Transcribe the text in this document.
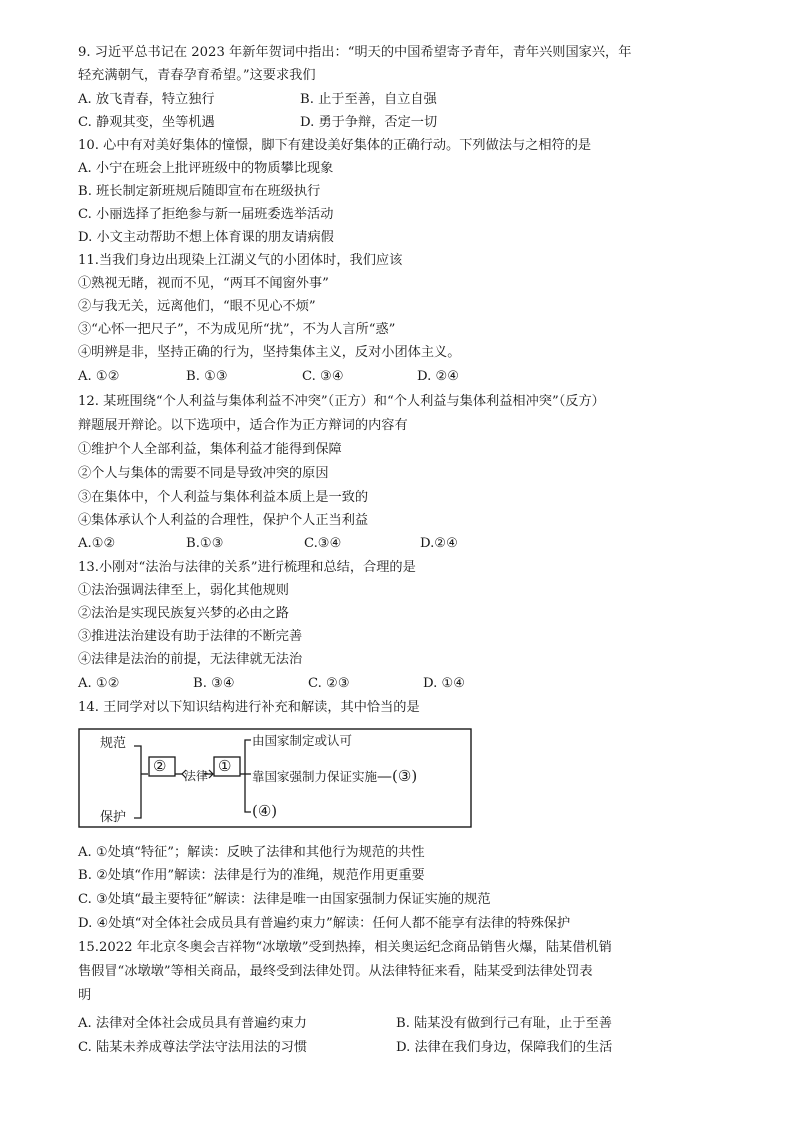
9. 习近平总书记在 2023 年新年贺词中指出：“明天的中国希望寄予青年，青年兴则国家兴，年
轻充满朝气，青春孕育希望。”这要求我们
A. 放飞青春，特立独行	B. 止于至善，自立自强
C. 静观其变，坐等机遇	D. 勇于争辩，否定一切
10. 心中有对美好集体的憧憬，脚下有建设美好集体的正确行动。下列做法与之相符的是
A. 小宁在班会上批评班级中的物质攀比现象
B. 班长制定新班规后随即宣布在班级执行
C. 小丽选择了拒绝参与新一届班委选举活动
D. 小文主动帮助不想上体育课的朋友请病假
11.当我们身边出现染上江湖义气的小团体时，我们应该
①熟视无睹，视而不见，“两耳不闻窗外事”
②与我无关，远离他们，“眼不见心不烦”
③“心怀一把尺子”，不为成见所“扰”，不为人言所“惑”
④明辨是非，坚持正确的行为，坚持集体主义，反对小团体主义。
A. ①②	B. ①③	C. ③④	D. ②④
12. 某班围绕“个人利益与集体利益不冲突”（正方）和“个人利益与集体利益相冲突”（反方）
辩题展开辩论。以下选项中，适合作为正方辩词的内容有
①维护个人全部利益，集体利益才能得到保障
②个人与集体的需要不同是导致冲突的原因
③在集体中，个人利益与集体利益本质上是一致的
④集体承认个人利益的合理性，保护个人正当利益
A.①②	B.①③	C.③④	D.②④
13.小刚对“法治与法律的关系”进行梳理和总结，合理的是
①法治强调法律至上，弱化其他规则
②法治是实现民族复兴梦的必由之路
③推进法治建设有助于法律的不断完善
④法律是法治的前提，无法律就无法治
A. ①②	B. ③④	C. ②③	D. ①④
14. 王同学对以下知识结构进行补充和解读，其中恰当的是
规范
保护
②
法律
①
由国家制定或认可
靠国家强制力保证实施—(③)
(④)
A. ①处填“特征”；解读：反映了法律和其他行为规范的共性
B. ②处填“作用”解读：法律是行为的准绳，规范作用更重要
C. ③处填“最主要特征”解读：法律是唯一由国家强制力保证实施的规范
D. ④处填“对全体社会成员具有普遍约束力”解读：任何人都不能享有法律的特殊保护
15.2022 年北京冬奥会吉祥物“冰墩墩”受到热捧，相关奥运纪念商品销售火爆，陆某借机销
售假冒“冰墩墩”等相关商品，最终受到法律处罚。从法律特征来看，陆某受到法律处罚表
明
A. 法律对全体社会成员具有普遍约束力	B. 陆某没有做到行己有耻，止于至善
C. 陆某未养成尊法学法守法用法的习惯	D. 法律在我们身边，保障我们的生活
